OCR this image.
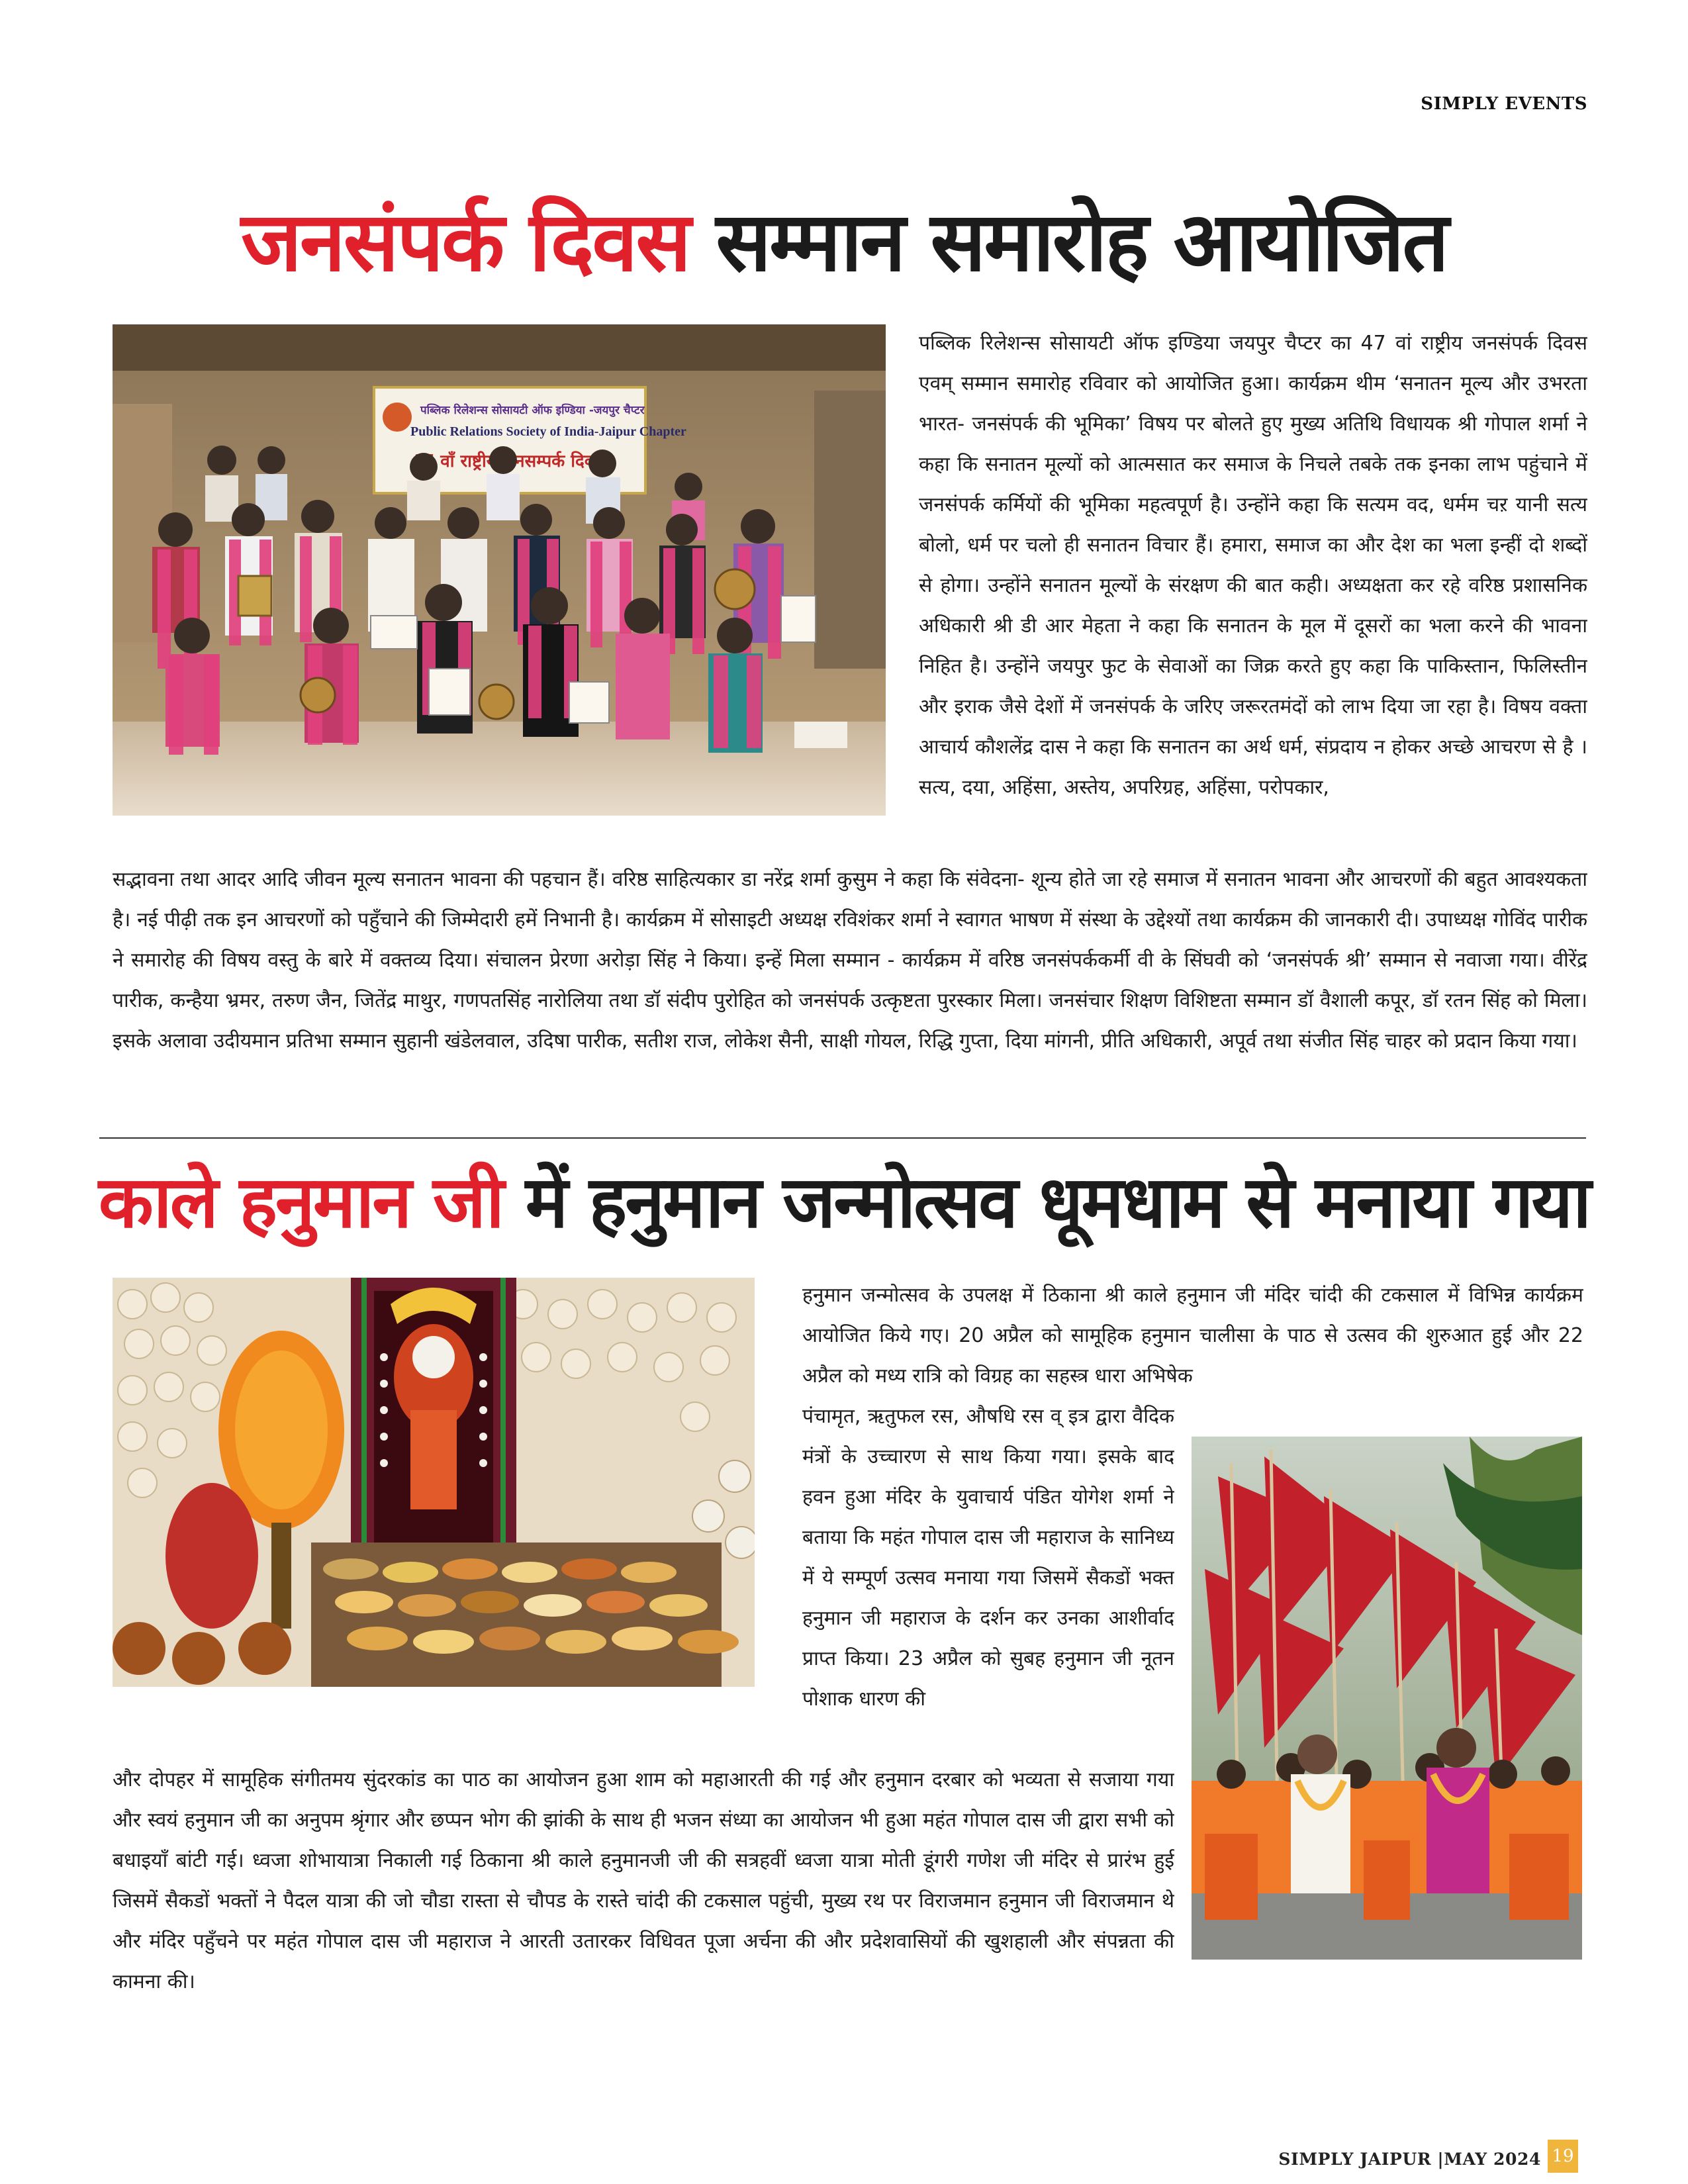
SIMPLY EVENTS
जनसंपर्क दिवस सम्मान समारोह आयोजित
पब्लिक रिलेशन्स सोसायटी ऑफ इण्डिया -जयपुर चैप्टर
Public Relations Society of India-Jaipur Chapter
वाँ राष्ट्रीय जनसम्पर्क दिवस
पब्लिक रिलेशन्स सोसायटी ऑफ इण्डिया जयपुर चैप्टर का 47 वां राष्ट्रीय जनसंपर्क दिवस एवम् सम्मान समारोह रविवार को आयोजित हुआ। कार्यक्रम थीम ‘सनातन मूल्य और उभरता भारत- जनसंपर्क की भूमिका’ विषय पर बोलते हुए मुख्य अतिथि विधायक श्री गोपाल शर्मा ने कहा कि सनातन मूल्यों को आत्मसात कर समाज के निचले तबके तक इनका लाभ पहुंचाने में जनसंपर्क कर्मियों की भूमिका महत्वपूर्ण है। उन्होंने कहा कि सत्यम वद, धर्मम चऱ यानी सत्य बोलो, धर्म पर चलो ही सनातन विचार हैं। हमारा, समाज का और देश का भला इन्हीं दो शब्दों से होगा। उन्होंने सनातन मूल्यों के संरक्षण की बात कही। अध्यक्षता कर रहे वरिष्ठ प्रशासनिक अधिकारी श्री डी आर मेहता ने कहा कि सनातन के मूल में दूसरों का भला करने की भावना निहित है। उन्होंने जयपुर फुट के सेवाओं का जिक्र करते हुए कहा कि पाकिस्तान, फिलिस्तीन और इराक जैसे देशों में जनसंपर्क के जरिए जरूरतमंदों को लाभ दिया जा रहा है। विषय वक्ता आचार्य कौशलेंद्र दास ने कहा कि सनातन का अर्थ धर्म, संप्रदाय न होकर अच्छे आचरण से है । सत्य, दया, अहिंसा, अस्तेय, अपरिग्रह, अहिंसा, परोपकार,
सद्भावना तथा आदर आदि जीवन मूल्य सनातन भावना की पहचान हैं। वरिष्ठ साहित्यकार डा नरेंद्र शर्मा कुसुम ने कहा कि संवेदना- शून्य होते जा रहे समाज में सनातन भावना और आचरणों की बहुत आवश्यकता है। नई पीढ़ी तक इन आचरणों को पहुँचाने की जिम्मेदारी हमें निभानी है। कार्यक्रम में सोसाइटी अध्यक्ष रविशंकर शर्मा ने स्वागत भाषण में संस्था के उद्देश्यों तथा कार्यक्रम की जानकारी दी। उपाध्यक्ष गोविंद पारीक ने समारोह की विषय वस्तु के बारे में वक्तव्य दिया। संचालन प्रेरणा अरोड़ा सिंह ने किया। इन्हें मिला सम्मान - कार्यक्रम में वरिष्ठ जनसंपर्ककर्मी वी के सिंघवी को ‘जनसंपर्क श्री’ सम्मान से नवाजा गया। वीरेंद्र पारीक, कन्हैया भ्रमर, तरुण जैन, जितेंद्र माथुर, गणपतसिंह नारोलिया तथा डॉ संदीप पुरोहित को जनसंपर्क उत्कृष्टता पुरस्कार मिला। जनसंचार शिक्षण विशिष्टता सम्मान डॉ वैशाली कपूर, डॉ रतन सिंह को मिला। इसके अलावा उदीयमान प्रतिभा सम्मान सुहानी खंडेलवाल, उदिषा पारीक, सतीश राज, लोकेश सैनी, साक्षी गोयल, रिद्धि गुप्ता, दिया मांगनी, प्रीति अधिकारी, अपूर्व तथा संजीत सिंह चाहर को प्रदान किया गया।
काले हनुमान जी में हनुमान जन्मोत्सव धूमधाम से मनाया गया
हनुमान जन्मोत्सव के उपलक्ष में ठिकाना श्री काले हनुमान जी मंदिर चांदी की टकसाल में विभिन्न कार्यक्रम आयोजित किये गए। 20 अप्रैल को सामूहिक हनुमान चालीसा के पाठ से उत्सव की शुरुआत हुई और 22 अप्रैल को मध्य रात्रि को विग्रह का सहस्त्र धारा अभिषेक
पंचामृत, ऋतुफल रस, औषधि रस व् इत्र द्वारा वैदिक मंत्रों के उच्चारण से साथ किया गया। इसके बाद हवन हुआ मंदिर के युवाचार्य पंडित योगेश शर्मा ने बताया कि महंत गोपाल दास जी महाराज के सानिध्य में ये सम्पूर्ण उत्सव मनाया गया जिसमें सैकडों भक्त हनुमान जी महाराज के दर्शन कर उनका आशीर्वाद प्राप्त किया। 23 अप्रैल को सुबह हनुमान जी नूतन पोशाक धारण की
और दोपहर में सामूहिक संगीतमय सुंदरकांड का पाठ का आयोजन हुआ शाम को महाआरती की गई और हनुमान दरबार को भव्यता से सजाया गया और स्वयं हनुमान जी का अनुपम श्रृंगार और छप्पन भोग की झांकी के साथ ही भजन संध्या का आयोजन भी हुआ महंत गोपाल दास जी द्वारा सभी को बधाइयाँ बांटी गई। ध्वजा शोभायात्रा निकाली गई ठिकाना श्री काले हनुमानजी जी की सत्रहवीं ध्वजा यात्रा मोती डूंगरी गणेश जी मंदिर से प्रारंभ हुई जिसमें सैकडों भक्तों ने पैदल यात्रा की जो चौडा रास्ता से चौपड के रास्ते चांदी की टकसाल पहुंची, मुख्य रथ पर विराजमान हनुमान जी विराजमान थे और मंदिर पहुँचने पर महंत गोपाल दास जी महाराज ने आरती उतारकर विधिवत पूजा अर्चना की और प्रदेशवासियों की खुशहाली और संपन्नता की कामना की।
SIMPLY JAIPUR |MAY 2024 19
